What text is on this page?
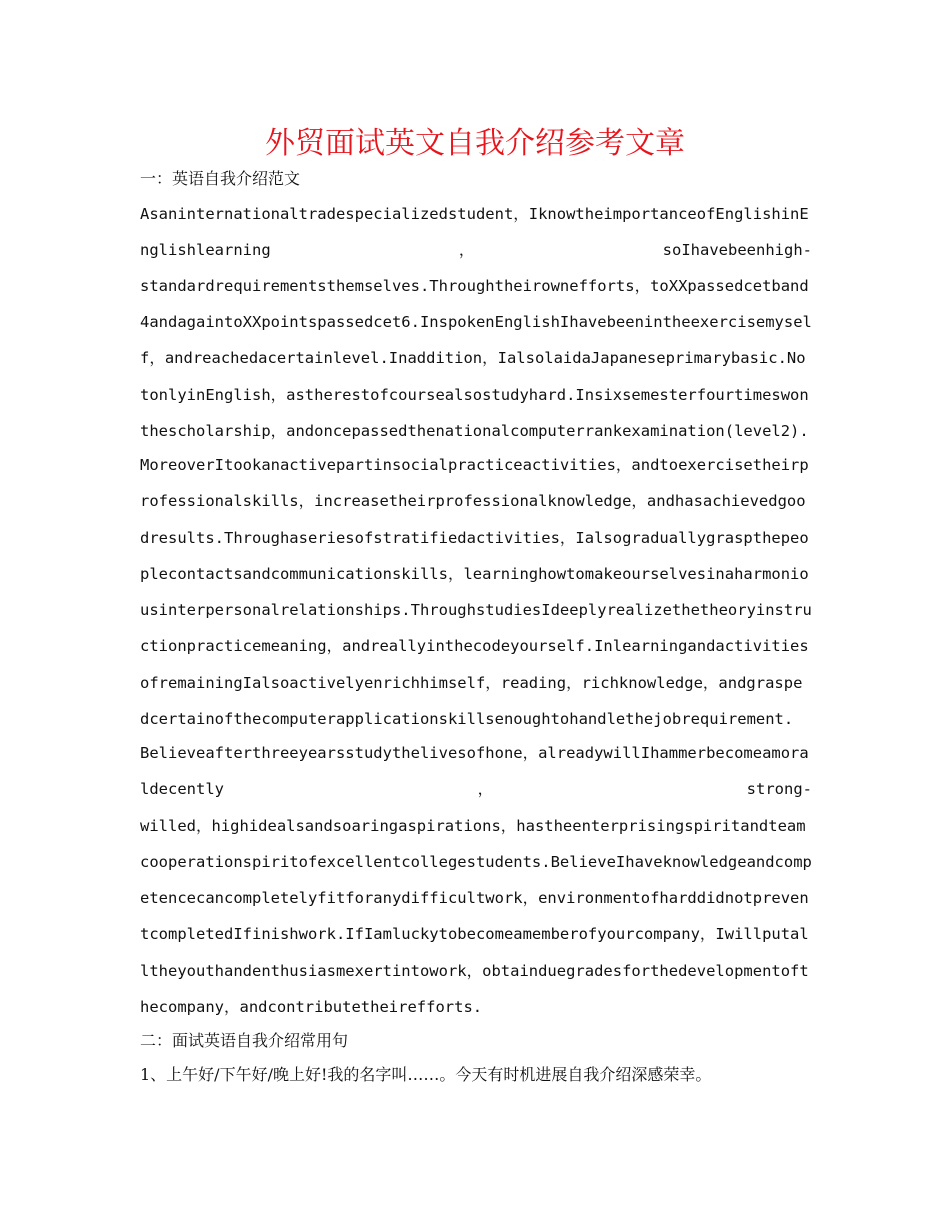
外贸面试英文自我介绍参考文章
一：英语自我介绍范文
Asaninternationaltradespecializedstudent，IknowtheimportanceofEnglishinE
nglishlearning	，	soIhavebeenhigh-
standardrequirementsthemselves.Throughtheirownefforts，toXXpassedcetband
4andagaintoXXpointspassedcet6.InspokenEnglishIhavebeenintheexercisemysel
f，andreachedacertainlevel.Inaddition，IalsolaidaJapaneseprimarybasic.No
tonlyinEnglish，astherestofcoursealsostudyhard.Insixsemesterfourtimeswon
thescholarship，andoncepassedthenationalcomputerrankexamination(level2).
MoreoverItookanactivepartinsocialpracticeactivities，andtoexercisetheirp
rofessionalskills，increasetheirprofessionalknowledge，andhasachievedgoo
dresults.Throughaseriesofstratifiedactivities，Ialsograduallygraspthepeo
plecontactsandcommunicationskills，learninghowtomakeourselvesinaharmonio
usinterpersonalrelationships.ThroughstudiesIdeeplyrealizethetheoryinstru
ctionpracticemeaning，andreallyinthecodeyourself.Inlearningandactivities
ofremainingIalsoactivelyenrichhimself，reading，richknowledge，andgraspe
dcertainofthecomputerapplicationskillsenoughtohandlethejobrequirement.
Believeafterthreeyearsstudythelivesofhone，alreadywillIhammerbecomeamora
ldecently	，	strong-
willed，highidealsandsoaringaspirations，hastheenterprisingspiritandteam
cooperationspiritofexcellentcollegestudents.BelieveIhaveknowledgeandcomp
etencecancompletelyfitforanydifficultwork，environmentofharddidnotpreven
tcompletedIfinishwork.IfIamluckytobecomeamemberofyourcompany，Iwillputal
ltheyouthandenthusiasmexertintowork，obtainduegradesforthedevelopmentoft
hecompany，andcontributetheirefforts.
二：面试英语自我介绍常用句
1、上午好/下午好/晚上好!我的名字叫……。今天有时机进展自我介绍深感荣幸。
